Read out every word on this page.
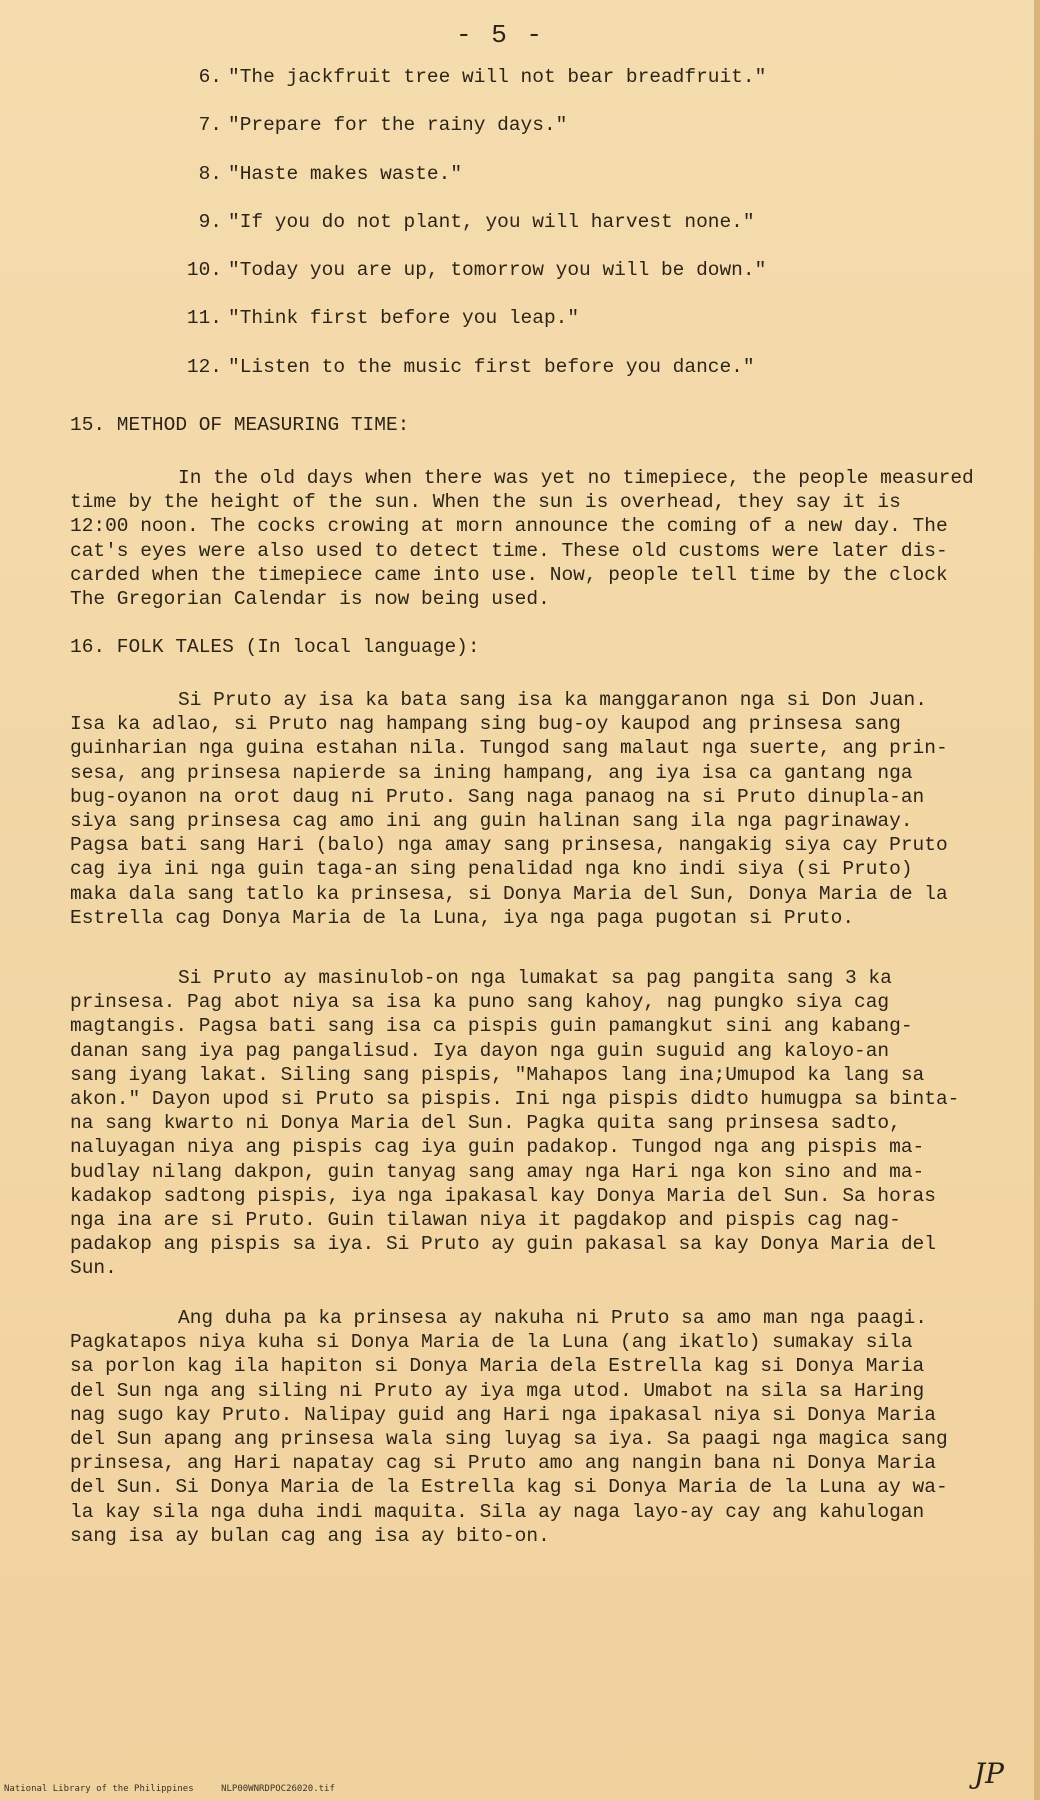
- 5 -
6. "The jackfruit tree will not bear breadfruit."
7. "Prepare for the rainy days."
8. "Haste makes waste."
9. "If you do not plant, you will harvest none."
10. "Today you are up, tomorrow you will be down."
11. "Think first before you leap."
12. "Listen to the music first before you dance."
15. METHOD OF MEASURING TIME:
In the old days when there was yet no timepiece, the people measured
time by the height of the sun. When the sun is overhead, they say it is
12:00 noon. The cocks crowing at morn announce the coming of a new day. The
cat's eyes were also used to detect time. These old customs were later dis-
carded when the timepiece came into use. Now, people tell time by the clock
The Gregorian Calendar is now being used.
16. FOLK TALES (In local language):
Si Pruto ay isa ka bata sang isa ka manggaranon nga si Don Juan.
Isa ka adlao, si Pruto nag hampang sing bug-oy kaupod ang prinsesa sang
guinharian nga guina estahan nila. Tungod sang malaut nga suerte, ang prin-
sesa, ang prinsesa napierde sa ining hampang, ang iya isa ca gantang nga
bug-oyanon na orot daug ni Pruto. Sang naga panaog na si Pruto dinupla-an
siya sang prinsesa cag amo ini ang guin halinan sang ila nga pagrinaway.
Pagsa bati sang Hari (balo) nga amay sang prinsesa, nangakig siya cay Pruto
cag iya ini nga guin taga-an sing penalidad nga kno indi siya (si Pruto)
maka dala sang tatlo ka prinsesa, si Donya Maria del Sun, Donya Maria de la
Estrella cag Donya Maria de la Luna, iya nga paga pugotan si Pruto.
Si Pruto ay masinulob-on nga lumakat sa pag pangita sang 3 ka
prinsesa. Pag abot niya sa isa ka puno sang kahoy, nag pungko siya cag
magtangis. Pagsa bati sang isa ca pispis guin pamangkut sini ang kabang-
danan sang iya pag pangalisud. Iya dayon nga guin suguid ang kaloyo-an
sang iyang lakat. Siling sang pispis, "Mahapos lang ina;Umupod ka lang sa
akon." Dayon upod si Pruto sa pispis. Ini nga pispis didto humugpa sa binta-
na sang kwarto ni Donya Maria del Sun. Pagka quita sang prinsesa sadto,
naluyagan niya ang pispis cag iya guin padakop. Tungod nga ang pispis ma-
budlay nilang dakpon, guin tanyag sang amay nga Hari nga kon sino and ma-
kadakop sadtong pispis, iya nga ipakasal kay Donya Maria del Sun. Sa horas
nga ina are si Pruto. Guin tilawan niya it pagdakop and pispis cag nag-
padakop ang pispis sa iya. Si Pruto ay guin pakasal sa kay Donya Maria del
Sun.
Ang duha pa ka prinsesa ay nakuha ni Pruto sa amo man nga paagi.
Pagkatapos niya kuha si Donya Maria de la Luna (ang ikatlo) sumakay sila
sa porlon kag ila hapiton si Donya Maria dela Estrella kag si Donya Maria
del Sun nga ang siling ni Pruto ay iya mga utod. Umabot na sila sa Haring
nag sugo kay Pruto. Nalipay guid ang Hari nga ipakasal niya si Donya Maria
del Sun apang ang prinsesa wala sing luyag sa iya. Sa paagi nga magica sang
prinsesa, ang Hari napatay cag si Pruto amo ang nangin bana ni Donya Maria
del Sun. Si Donya Maria de la Estrella kag si Donya Maria de la Luna ay wa-
la kay sila nga duha indi maquita. Sila ay naga layo-ay cay ang kahulogan
sang isa ay bulan cag ang isa ay bito-on.
National Library of the Philippines	NLP00WNRDPOC26020.tif	JP
